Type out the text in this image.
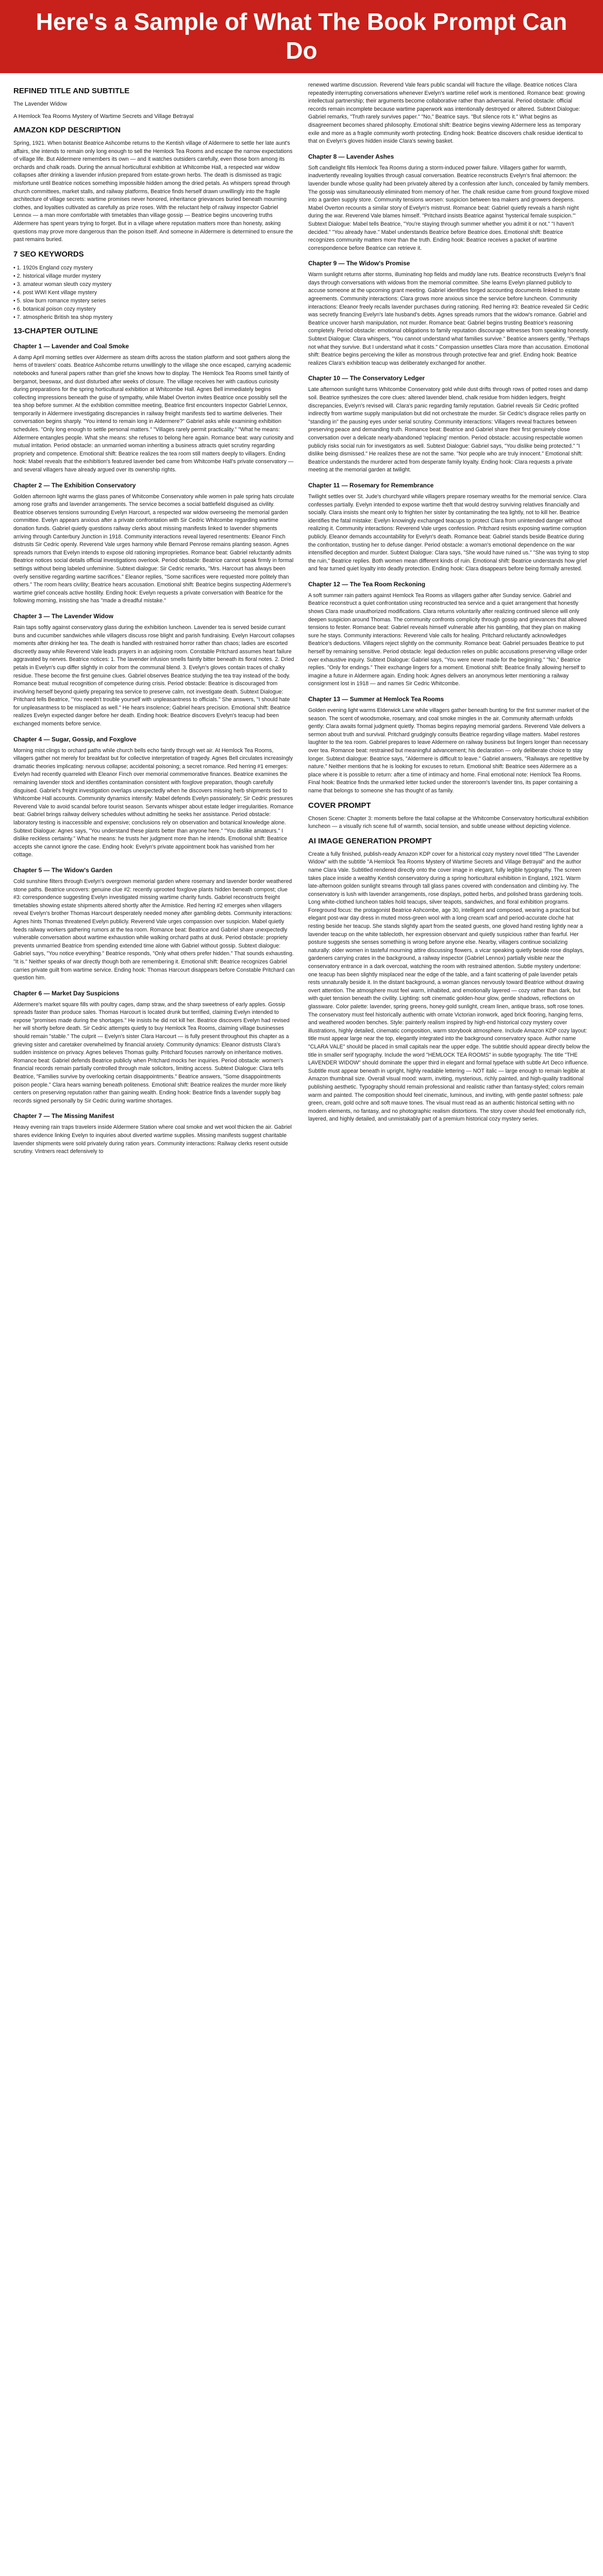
Here's a Sample of What The Book Prompt Can Do
REFINED TITLE AND SUBTITLE

The Lavender Widow

A Hemlock Tea Rooms Mystery of Wartime Secrets and Village Betrayal

AMAZON KDP DESCRIPTION

Spring, 1921. When botanist Beatrice Ashcombe returns to the Kentish village of Aldermere to settle her late aunt's affairs, she intends to remain only long enough to sell the Hemlock Tea Rooms and escape the narrow expectations of village life. But Aldermere remembers its own — and it watches outsiders carefully, even those born among its orchards and chalk roads. During the annual horticultural exhibition at Whitcombe Hall, a respected war widow collapses after drinking a lavender infusion prepared from estate-grown herbs. The death is dismissed as tragic misfortune until Beatrice notices something impossible hidden among the dried petals. As whispers spread through church committees, market stalls, and railway platforms, Beatrice finds herself drawn unwillingly into the fragile architecture of village secrets: wartime promises never honored, inheritance grievances buried beneath mourning clothes, and loyalties cultivated as carefully as prize roses. With the reluctant help of railway inspector Gabriel Lennox — a man more comfortable with timetables than village gossip — Beatrice begins uncovering truths Aldermere has spent years trying to forget. But in a village where reputation matters more than honesty, asking questions may prove more dangerous than the poison itself. And someone in Aldermere is determined to ensure the past remains buried.

7 SEO KEYWORDS
• 1. 1920s England cozy mystery
• 2. historical village murder mystery
• 3. amateur woman sleuth cozy mystery
• 4. post WWI Kent village mystery
• 5. slow burn romance mystery series
• 6. botanical poison cozy mystery
• 7. atmospheric British tea shop mystery
13-CHAPTER OUTLINE
Chapter 1 — Lavender and Coal Smoke

A damp April morning settles over Aldermere as steam drifts across the station platform and soot gathers along the hems of travelers' coats. Beatrice Ashcombe returns unwillingly to the village she once escaped, carrying academic notebooks and funeral papers rather than grief she knows how to display. The Hemlock Tea Rooms smell faintly of bergamot, beeswax, and dust disturbed after weeks of closure. The village receives her with cautious curiosity during preparations for the spring horticultural exhibition at Whitcombe Hall. Agnes Bell immediately begins collecting impressions beneath the guise of sympathy, while Mabel Overton invites Beatrice once possibly sell the tea shop before summer. At the exhibition committee meeting, Beatrice first encounters Inspector Gabriel Lennox, temporarily in Aldermere investigating discrepancies in railway freight manifests tied to wartime deliveries. Their conversation begins sharply. "You intend to remain long in Aldermere?" Gabriel asks while examining exhibition schedules. "Only long enough to settle personal matters." "Villages rarely permit practicality." "What he means: Aldermere entangles people. What she means: she refuses to belong here again. Romance beat: wary curiosity and mutual irritation. Period obstacle: an unmarried woman inheriting a business attracts quiet scrutiny regarding propriety and competence. Emotional shift: Beatrice realizes the tea room still matters deeply to villagers. Ending hook: Mabel reveals that the exhibition's featured lavender bed came from Whitcombe Hall's private conservatory — and several villagers have already argued over its ownership rights.

Chapter 2 — The Exhibition Conservatory

Golden afternoon light warms the glass panes of Whitcombe Conservatory while women in pale spring hats circulate among rose grafts and lavender arrangements. The service becomes a social battlefield disguised as civility. Beatrice observes tensions surrounding Evelyn Harcourt, a respected war widow overseeing the memorial garden committee. Evelyn appears anxious after a private confrontation with Sir Cedric Whitcombe regarding wartime donation funds. Gabriel quietly questions railway clerks about missing manifests linked to lavender shipments arriving through Canterbury Junction in 1918. Community interactions reveal layered resentments: Eleanor Finch distrusts Sir Cedric openly. Reverend Vale urges harmony while Bernard Penrose remains planting season. Agnes spreads rumors that Evelyn intends to expose old rationing improprieties. Romance beat: Gabriel reluctantly admits Beatrice notices social details official investigations overlook. Period obstacle: Beatrice cannot speak firmly in formal settings without being labeled unfeminine. Subtext dialogue: Sir Cedric remarks, "Mrs. Harcourt has always been overly sensitive regarding wartime sacrifices." Eleanor replies, "Some sacrifices were requested more politely than others." The room hears civility; Beatrice hears accusation. Emotional shift: Beatrice begins suspecting Aldermere's wartime grief conceals active hostility. Ending hook: Evelyn requests a private conversation with Beatrice for the following morning, insisting she has "made a dreadful mistake."

Chapter 3 — The Lavender Widow

Rain taps softly against conservatory glass during the exhibition luncheon. Lavender tea is served beside currant buns and cucumber sandwiches while villagers discuss rose blight and parish fundraising. Evelyn Harcourt collapses moments after drinking her tea. The death is handled with restrained horror rather than chaos; ladies are escorted discreetly away while Reverend Vale leads prayers in an adjoining room. Constable Pritchard assumes heart failure aggravated by nerves. Beatrice notices: 1. The lavender infusion smells faintly bitter beneath its floral notes. 2. Dried petals in Evelyn's cup differ slightly in color from the communal blend. 3. Evelyn's gloves contain traces of chalky residue. These become the first genuine clues. Gabriel observes Beatrice studying the tea tray instead of the body. Romance beat: mutual recognition of competence during crisis. Period obstacle: Beatrice is discouraged from involving herself beyond quietly preparing tea service to preserve calm, not investigate death. Subtext Dialogue: Pritchard tells Beatrice, "You needn't trouble yourself with unpleasantness to officials." She answers, "I should hate for unpleasantness to be misplaced as well." He hears insolence; Gabriel hears precision. Emotional shift: Beatrice realizes Evelyn expected danger before her death. Ending hook: Beatrice discovers Evelyn's teacup had been exchanged moments before service.

Chapter 4 — Sugar, Gossip, and Foxglove

Morning mist clings to orchard paths while church bells echo faintly through wet air. At Hemlock Tea Rooms, villagers gather not merely for breakfast but for collective interpretation of tragedy. Agnes Bell circulates increasingly dramatic theories implicating: nervous collapse; accidental poisoning; a secret romance. Red herring #1 emerges: Evelyn had recently quarreled with Eleanor Finch over memorial commemorative finances. Beatrice examines the remaining lavender stock and identifies contamination consistent with foxglove preparation, though carefully disguised. Gabriel's freight investigation overlaps unexpectedly when he discovers missing herb shipments tied to Whitcombe Hall accounts. Community dynamics intensify: Mabel defends Evelyn passionately; Sir Cedric pressures Reverend Vale to avoid scandal before tourist season. Servants whisper about estate ledger irregularities. Romance beat: Gabriel brings railway delivery schedules without admitting he seeks her assistance. Period obstacle: laboratory testing is inaccessible and expensive; conclusions rely on observation and botanical knowledge alone. Subtext Dialogue: Agnes says, "You understand these plants better than anyone here." "You dislike amateurs." I dislike reckless certainty." What he means: he trusts her judgment more than he intends. Emotional shift: Beatrice accepts she cannot ignore the case. Ending hook: Evelyn's private appointment book has vanished from her cottage.

Chapter 5 — The Widow's Garden

Cold sunshine filters through Evelyn's overgrown memorial garden where rosemary and lavender border weathered stone paths. Beatrice uncovers: genuine clue #2: recently uprooted foxglove plants hidden beneath compost; clue #3: correspondence suggesting Evelyn investigated missing wartime charity funds. Gabriel reconstructs freight timetables showing estate shipments altered shortly after the Armistice. Red herring #2 emerges when villagers reveal Evelyn's brother Thomas Harcourt desperately needed money after gambling debts. Community interactions: Agnes hints Thomas threatened Evelyn publicly. Reverend Vale urges compassion over suspicion. Mabel quietly feeds railway workers gathering rumors at the tea room. Romance beat: Beatrice and Gabriel share unexpectedly vulnerable conversation about wartime exhaustion while walking orchard paths at dusk. Period obstacle: propriety prevents unmarried Beatrice from spending extended time alone with Gabriel without gossip. Subtext dialogue: Gabriel says, "You notice everything." Beatrice responds, "Only what others prefer hidden." That sounds exhausting. "It is." Neither speaks of war directly though both are remembering it. Emotional shift: Beatrice recognizes Gabriel carries private guilt from wartime service. Ending hook: Thomas Harcourt disappears before Constable Pritchard can question him.

Chapter 6 — Market Day Suspicions

Aldermere's market square fills with poultry cages, damp straw, and the sharp sweetness of early apples. Gossip spreads faster than produce sales. Thomas Harcourt is located drunk but terrified, claiming Evelyn intended to expose "promises made during the shortages." He insists he did not kill her. Beatrice discovers Evelyn had revised her will shortly before death. Sir Cedric attempts quietly to buy Hemlock Tea Rooms, claiming village businesses should remain "stable." The culprit — Evelyn's sister Clara Harcourt — is fully present throughout this chapter as a grieving sister and caretaker overwhelmed by financial anxiety. Community dynamics: Eleanor distrusts Clara's sudden insistence on privacy. Agnes believes Thomas guilty. Pritchard focuses narrowly on inheritance motives. Romance beat: Gabriel defends Beatrice publicly when Pritchard mocks her inquiries. Period obstacle: women's financial records remain partially controlled through male solicitors, limiting access. Subtext Dialogue: Clara tells Beatrice, "Families survive by overlooking certain disappointments." Beatrice answers, "Some disappointments poison people." Clara hears warning beneath politeness. Emotional shift: Beatrice realizes the murder more likely centers on preserving reputation rather than gaining wealth. Ending hook: Beatrice finds a lavender supply bag records signed personally by Sir Cedric during wartime shortages.

Chapter 7 — The Missing Manifest

Heavy evening rain traps travelers inside Aldermere Station where coal smoke and wet wool thicken the air. Gabriel shares evidence linking Evelyn to inquiries about diverted wartime supplies. Missing manifests suggest charitable lavender shipments were sold privately during ration years. Community interactions: Railway clerks resent outside scrutiny. Vintners react defensively to

renewed wartime discussion. Reverend Vale fears public scandal will fracture the village. Beatrice notices Clara repeatedly interrupting conversations whenever Evelyn's wartime relief work is mentioned. Romance beat: growing intellectual partnership; their arguments become collaborative rather than adversarial. Period obstacle: official records remain incomplete because wartime paperwork was intentionally destroyed or altered. Subtext Dialogue: Gabriel remarks, "Truth rarely survives paper." "No," Beatrice says. "But silence rots it." What begins as disagreement becomes shared philosophy. Emotional shift: Beatrice begins viewing Aldermere less as temporary exile and more as a fragile community worth protecting. Ending hook: Beatrice discovers chalk residue identical to that on Evelyn's gloves hidden inside Clara's sewing basket.

Chapter 8 — Lavender Ashes

Soft candlelight fills Hemlock Tea Rooms during a storm-induced power failure. Villagers gather for warmth, inadvertently revealing loyalties through casual conversation. Beatrice reconstructs Evelyn's final afternoon: the lavender bundle whose quality had been privately altered by a confession after lunch, concealed by family members. The gossip was simultaneously eliminated from memory of her. The chalk residue came from ground foxglove mixed into a garden supply store. Community tensions worsen: suspicion between tea makers and growers deepens. Mabel Overton recounts a similar story of Evelyn's mistrust. Romance beat: Gabriel quietly reveals a harsh night during the war. Reverend Vale blames himself. "Pritchard insists Beatrice against 'hysterical female suspicion.'" Subtext Dialogue: Mabel tells Beatrice, "You're staying through summer whether you admit it or not." "I haven't decided." "You already have." Mabel understands Beatrice before Beatrice does. Emotional shift: Beatrice recognizes community matters more than the truth. Ending hook: Beatrice receives a packet of wartime correspondence before Beatrice can retrieve it.

Chapter 9 — The Widow's Promise

Warm sunlight returns after storms, illuminating hop fields and muddy lane ruts. Beatrice reconstructs Evelyn's final days through conversations with widows from the memorial committee. She learns Evelyn planned publicly to accuse someone at the upcoming grant meeting. Gabriel identifies forged accounting documents linked to estate agreements. Community interactions: Clara grows more anxious since the service before luncheon. Community interactions: Eleanor freely recalls lavender purchases during rationing. Red herring #3: Beatrice revealed Sir Cedric was secretly financing Evelyn's late husband's debts. Agnes spreads rumors that the widow's romance. Gabriel and Beatrice uncover harsh manipulation, not murder. Romance beat: Gabriel begins trusting Beatrice's reasoning completely. Period obstacle: emotional obligations to family reputation discourage witnesses from speaking honestly. Subtext Dialogue: Clara whispers, "You cannot understand what families survive." Beatrice answers gently, "Perhaps not what they survive. But I understand what it costs." Compassion unsettles Clara more than accusation. Emotional shift: Beatrice begins perceiving the killer as monstrous through protective fear and grief. Ending hook: Beatrice realizes Clara's exhibition teacup was deliberately exchanged for another.

Chapter 10 — The Conservatory Ledger

Late afternoon sunlight turns Whitcombe Conservatory gold while dust drifts through rows of potted roses and damp soil. Beatrice synthesizes the core clues: altered lavender blend, chalk residue from hidden ledgers, freight discrepancies, Evelyn's revised will. Clara's panic regarding family reputation. Gabriel reveals Sir Cedric profited indirectly from wartime supply manipulation but did not orchestrate the murder. Sir Cedric's disgrace relies partly on "standing in" the pausing eyes under serial scrutiny. Community interactions: Villagers reveal fractures between preserving peace and demanding truth. Romance beat: Beatrice and Gabriel share their first genuinely close conversation over a delicate nearly-abandoned 'replacing' mention. Period obstacle: accusing respectable women publicly risks social ruin for investigators as well. Subtext Dialogue: Gabriel says, "You dislike being protected." "I dislike being dismissed." He realizes these are not the same. "Nor people who are truly innocent." Emotional shift: Beatrice understands the murderer acted from desperate family loyalty. Ending hook: Clara requests a private meeting at the memorial garden at twilight.

Chapter 11 — Rosemary for Remembrance

Twilight settles over St. Jude's churchyard while villagers prepare rosemary wreaths for the memorial service. Clara confesses partially. Evelyn intended to expose wartime theft that would destroy surviving relatives financially and socially. Clara insists she meant only to frighten her sister by contaminating the tea lightly, not to kill her. Beatrice identifies the fatal mistake: Evelyn knowingly exchanged teacups to protect Clara from unintended danger without realizing it. Community interactions: Reverend Vale urges confession. Pritchard resists exposing wartime corruption publicly. Eleanor demands accountability for Evelyn's death. Romance beat: Gabriel stands beside Beatrice during the confrontation, trusting her to defuse danger. Period obstacle: a woman's emotional dependence on the war intensified deception and murder. Subtext Dialogue: Clara says, "She would have ruined us." "She was trying to stop the ruin," Beatrice replies. Both women mean different kinds of ruin. Emotional shift: Beatrice understands how grief and fear turned quiet loyalty into deadly protection. Ending hook: Clara disappears before being formally arrested.

Chapter 12 — The Tea Room Reckoning

A soft summer rain patters against Hemlock Tea Rooms as villagers gather after Sunday service. Gabriel and Beatrice reconstruct a quiet confrontation using reconstructed tea service and a quiet arrangement that honestly shows Clara made unauthorized modifications. Clara returns voluntarily after realizing continued silence will only deepen suspicion around Thomas. The community confronts complicity through gossip and grievances that allowed tensions to fester. Romance beat: Gabriel reveals himself vulnerable after his gambling, that they plan on making sure he stays. Community interactions: Reverend Vale calls for healing. Pritchard reluctantly acknowledges Beatrice's deductions. Villagers reject slightly on the community. Romance beat: Gabriel persuades Beatrice to put herself by remaining sensitive. Period obstacle: legal deduction relies on public accusations preserving village order over exhaustive inquiry. Subtext Dialogue: Gabriel says, "You were never made for the beginning." "No," Beatrice replies. "Only for endings." Their exchange lingers for a moment. Emotional shift: Beatrice finally allowing herself to imagine a future in Aldermere again. Ending hook: Agnes delivers an anonymous letter mentioning a railway consignment lost in 1918 — and names Sir Cedric Whitcombe.

Chapter 13 — Summer at Hemlock Tea Rooms

Golden evening light warms Elderwick Lane while villagers gather beneath bunting for the first summer market of the season. The scent of woodsmoke, rosemary, and coal smoke mingles in the air. Community aftermath unfolds gently: Clara awaits formal judgment quietly. Thomas begins repaying memorial gardens. Reverend Vale delivers a sermon about truth and survival. Pritchard grudgingly consults Beatrice regarding village matters. Mabel restores laughter to the tea room. Gabriel prepares to leave Aldermere on railway business but lingers longer than necessary over tea. Romance beat: restrained but meaningful advancement; his declaration — only deliberate choice to stay longer. Subtext dialogue: Beatrice says, "Aldermere is difficult to leave." Gabriel answers, "Railways are repetitive by nature." Neither mentions that he is looking for excuses to return. Emotional shift: Beatrice sees Aldermere as a place where it is possible to return: after a time of intimacy and home. Final emotional note: Hemlock Tea Rooms. Final hook: Beatrice finds the unmarked letter tucked under the storeroom's lavender tins, its paper containing a name that belongs to someone she has thought of as family.

COVER PROMPT

Chosen Scene: Chapter 3: moments before the fatal collapse at the Whitcombe Conservatory horticultural exhibition luncheon — a visually rich scene full of warmth, social tension, and subtle unease without depicting violence.

AI IMAGE GENERATION PROMPT

Create a fully finished, publish-ready Amazon KDP cover for a historical cozy mystery novel titled "The Lavender Widow" with the subtitle "A Hemlock Tea Rooms Mystery of Wartime Secrets and Village Betrayal" and the author name Clara Vale. Subtitled rendered directly onto the cover image in elegant, fully legible typography. The screen takes place inside a wealthy Kentish conservatory during a spring horticultural exhibition in England, 1921. Warm late-afternoon golden sunlight streams through tall glass panes covered with condensation and climbing ivy. The conservatory is lush with lavender arrangements, rose displays, potted herbs, and polished brass gardening tools. Long white-clothed luncheon tables hold teacups, silver teapots, sandwiches, and floral exhibition programs. Foreground focus: the protagonist Beatrice Ashcombe, age 30, intelligent and composed, wearing a practical but elegant post-war day dress in muted moss-green wool with a long cream scarf and period-accurate cloche hat resting beside her teacup. She stands slightly apart from the seated guests, one gloved hand resting lightly near a lavender teacup on the white tablecloth, her expression observant and quietly suspicious rather than fearful. Her posture suggests she senses something is wrong before anyone else. Nearby, villagers continue socializing naturally: older women in tasteful mourning attire discussing flowers, a vicar speaking quietly beside rose displays, gardeners carrying crates in the background, a railway inspector (Gabriel Lennox) partially visible near the conservatory entrance in a dark overcoat, watching the room with restrained attention. Subtle mystery undertone: one teacup has been slightly misplaced near the edge of the table, and a faint scattering of pale lavender petals rests unnaturally beside it. In the distant background, a woman glances nervously toward Beatrice without drawing overt attention. The atmosphere must feel warm, inhabited, and emotionally layered — cozy rather than dark, but with quiet tension beneath the civility. Lighting: soft cinematic golden-hour glow, gentle shadows, reflections on glassware. Color palette: lavender, spring greens, honey-gold sunlight, cream linen, antique brass, soft rose tones. The conservatory must feel historically authentic with ornate Victorian ironwork, aged brick flooring, hanging ferns, and weathered wooden benches. Style: painterly realism inspired by high-end historical cozy mystery cover illustrations, highly detailed, cinematic composition, warm storybook atmosphere. Include Amazon KDP cozy layout: title must appear large near the top, elegantly integrated into the background conservatory space. Author name "CLARA VALE" should be placed in small capitals near the upper edge. The subtitle should appear directly below the title in smaller serif typography. Include the word "HEMLOCK TEA ROOMS" in subtle typography. The title "THE LAVENDER WIDOW" should dominate the upper third in elegant and formal typeface with subtle Art Deco influence. Subtitle must appear beneath in upright, highly readable lettering — NOT italic — large enough to remain legible at Amazon thumbnail size. Overall visual mood: warm, inviting, mysterious, richly painted, and high-quality traditional publishing aesthetic. Typography should remain professional and realistic rather than fantasy-styled; colors remain warm and painted. The composition should feel cinematic, luminous, and inviting, with gentle pastel softness: pale green, cream, gold ochre and soft mauve tones. The visual must read as an authentic historical setting with no modern elements, no fantasy, and no photographic realism distortions. The story cover should feel emotionally rich, layered, and highly detailed, and unmistakably part of a premium historical cozy mystery series.
